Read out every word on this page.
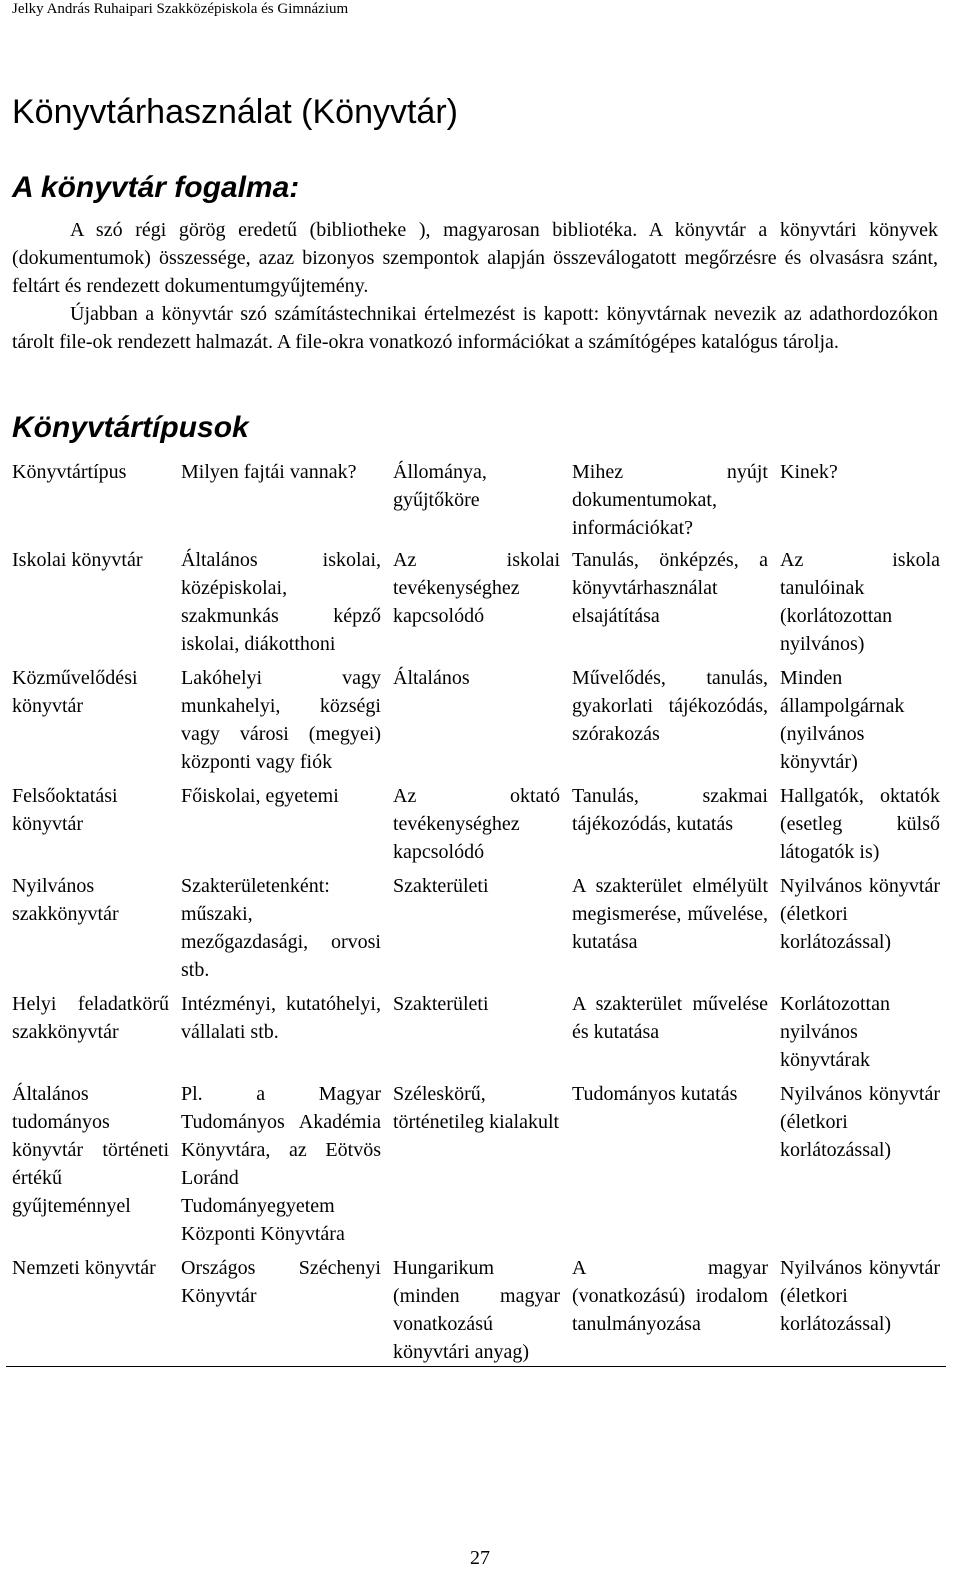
Jelky András Ruhaipari Szakközépiskola és Gimnázium
Könyvtárhasználat (Könyvtár)
A könyvtár fogalma:

A szó régi görög eredetű (bibliotheke ), magyarosan bibliotéka. A könyvtár a könyvtári könyvek (dokumentumok) összessége, azaz bizonyos szempontok alapján összeválogatott megőrzésre és olvasásra szánt, feltárt és rendezett dokumentumgyűjtemény.

Újabban a könyvtár szó számítástechnikai értelmezést is kapott: könyvtárnak nevezik az adathordozókon tárolt file-ok rendezett halmazát. A file-okra vonatkozó információkat a számítógépes katalógus tárolja.

Könyvtártípusok
Könyvtártípus	Milyen fajtái vannak?	Állománya, gyűjtőköre	Mihez nyújt dokumentumokat, információkat?	Kinek?
Iskolai könyvtár	Általános iskolai, középiskolai, szakmunkás képző iskolai, diákotthoni	Az iskolai tevékenységhez kapcsolódó	Tanulás, önképzés, a könyvtárhasználat elsajátítása	Az iskola tanulóinak (korlátozottan nyilvános)
Közművelődési könyvtár	Lakóhelyi vagy munkahelyi, községi vagy városi (megyei) központi vagy fiók	Általános	Művelődés, tanulás, gyakorlati tájékozódás, szórakozás	Minden állampolgárnak (nyilvános könyvtár)
Felsőoktatási könyvtár	Főiskolai, egyetemi	Az oktató tevékenységhez kapcsolódó	Tanulás, szakmai tájékozódás, kutatás	Hallgatók, oktatók (esetleg külső látogatók is)
Nyilvános szakkönyvtár	Szakterületenként: műszaki, mezőgazdasági, orvosi stb.	Szakterületi	A szakterület elmélyült megismerése, művelése, kutatása	Nyilvános könyvtár (életkori korlátozással)
Helyi feladatkörű szakkönyvtár	Intézményi, kutatóhelyi, vállalati stb.	Szakterületi	A szakterület művelése és kutatása	Korlátozottan nyilvános könyvtárak
Általános tudományos könyvtár történeti értékű gyűjteménnyel	Pl. a Magyar Tudományos Akadémia Könyvtára, az Eötvös Loránd Tudományegyetem Központi Könyvtára	Széleskörű, történetileg kialakult	Tudományos kutatás	Nyilvános könyvtár (életkori korlátozással)
Nemzeti könyvtár	Országos Széchenyi Könyvtár	Hungarikum (minden magyar vonatkozású könyvtári anyag)	A magyar (vonatkozású) irodalom tanulmányozása	Nyilvános könyvtár (életkori korlátozással)
27
